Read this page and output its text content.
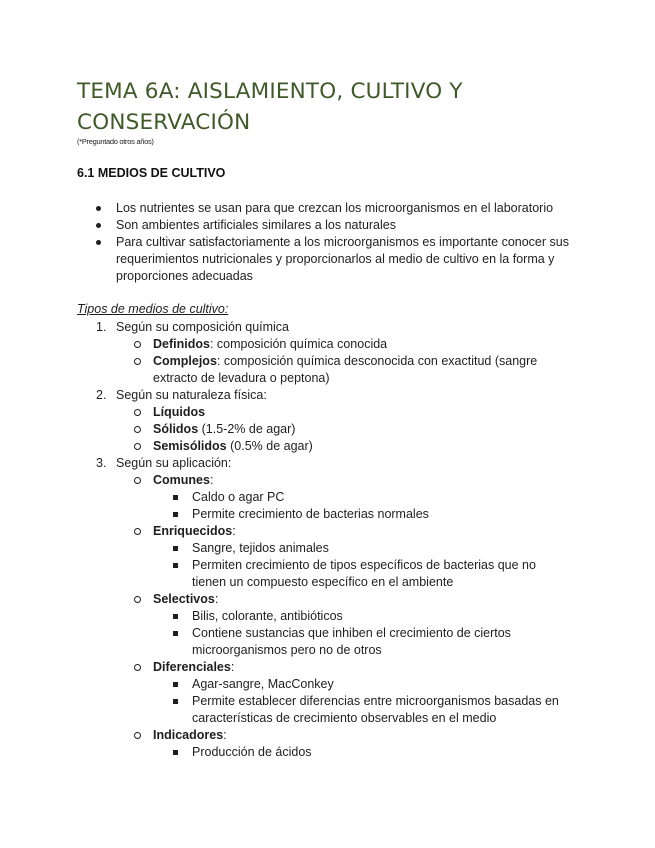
TEMA 6A: AISLAMIENTO, CULTIVO Y CONSERVACIÓN
(*Preguntado otros años)
6.1 MEDIOS DE CULTIVO
Los nutrientes se usan para que crezcan los microorganismos en el laboratorio
Son ambientes artificiales similares a los naturales
Para cultivar satisfactoriamente a los microorganismos es importante conocer sus requerimientos nutricionales y proporcionarlos al medio de cultivo en la forma y proporciones adecuadas
Tipos de medios de cultivo:
1. Según su composición química
Definidos: composición química conocida
Complejos: composición química desconocida con exactitud (sangre extracto de levadura o peptona)
2. Según su naturaleza física:
Líquidos
Sólidos (1.5-2% de agar)
Semisólidos (0.5% de agar)
3. Según su aplicación:
Comunes:
Caldo o agar PC
Permite crecimiento de bacterias normales
Enriquecidos:
Sangre, tejidos animales
Permiten crecimiento de tipos específicos de bacterias que no tienen un compuesto específico en el ambiente
Selectivos:
Bilis, colorante, antibióticos
Contiene sustancias que inhiben el crecimiento de ciertos microorganismos pero no de otros
Diferenciales:
Agar-sangre, MacConkey
Permite establecer diferencias entre microorganismos basadas en características de crecimiento observables en el medio
Indicadores:
Producción de ácidos
